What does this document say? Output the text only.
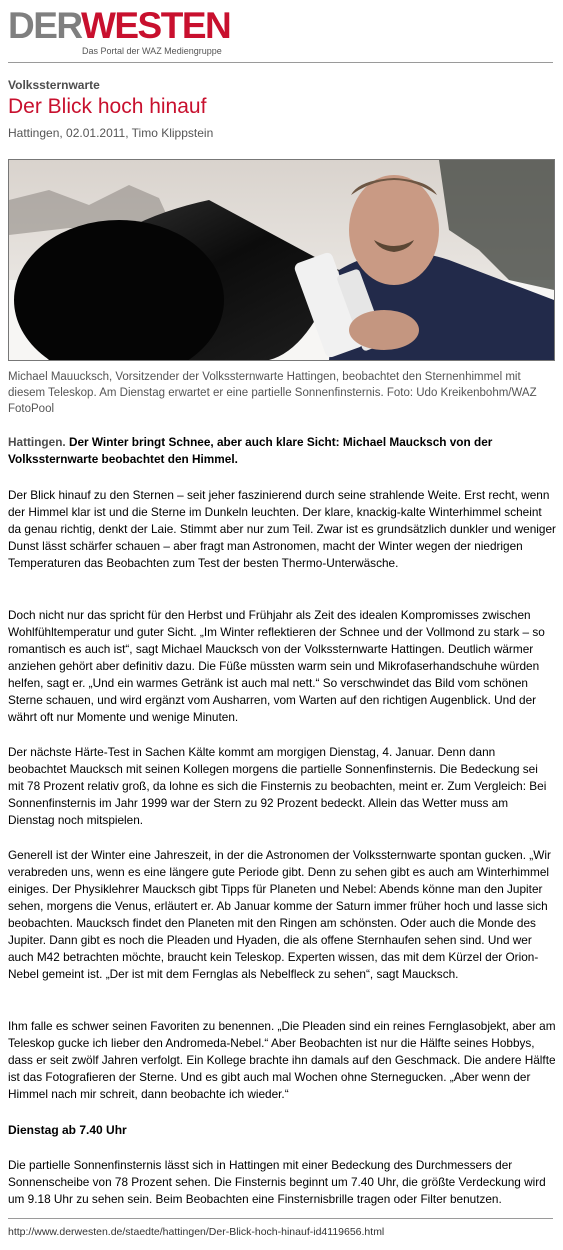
DERWESTEN
Das Portal der WAZ Mediengruppe
Volkssternwarte
Der Blick hoch hinauf
Hattingen, 02.01.2011, Timo Klippstein

Michael Mauucksch, Vorsitzender der Volkssternwarte Hattingen, beobachtet den Sternenhimmel mit diesem Teleskop. Am Dienstag erwartet er eine partielle Sonnenfinsternis. Foto: Udo Kreikenbohm/WAZ FotoPool

Hattingen. Der Winter bringt Schnee, aber auch klare Sicht: Michael Maucksch von der Volkssternwarte beobachtet den Himmel.

Der Blick hinauf zu den Sternen – seit jeher faszinierend durch seine strahlende Weite. Erst recht, wenn der Himmel klar ist und die Sterne im Dunkeln leuchten. Der klare, knackig-kalte Winterhimmel scheint da genau richtig, denkt der Laie. Stimmt aber nur zum Teil. Zwar ist es grundsätzlich dunkler und weniger Dunst lässt schärfer schauen – aber fragt man Astronomen, macht der Winter wegen der niedrigen Temperaturen das Beobachten zum Test der besten Thermo-Unterwäsche.

Doch nicht nur das spricht für den Herbst und Frühjahr als Zeit des idealen Kompromisses zwischen Wohlfühltemperatur und guter Sicht. „Im Winter reflektieren der Schnee und der Vollmond zu stark – so romantisch es auch ist“, sagt Michael Maucksch von der Volkssternwarte Hattingen. Deutlich wärmer anziehen gehört aber definitiv dazu. Die Füße müssten warm sein und Mikrofaserhandschuhe würden helfen, sagt er. „Und ein warmes Getränk ist auch mal nett.“ So verschwindet das Bild vom schönen Sterne schauen, und wird ergänzt vom Ausharren, vom Warten auf den richtigen Augenblick. Und der währt oft nur Momente und wenige Minuten.

Der nächste Härte-Test in Sachen Kälte kommt am morgigen Dienstag, 4. Januar. Denn dann beobachtet Maucksch mit seinen Kollegen morgens die partielle Sonnenfinsternis. Die Bedeckung sei mit 78 Prozent relativ groß, da lohne es sich die Finsternis zu beobachten, meint er. Zum Vergleich: Bei Sonnenfinsternis im Jahr 1999 war der Stern zu 92 Prozent bedeckt. Allein das Wetter muss am Dienstag noch mitspielen.

Generell ist der Winter eine Jahreszeit, in der die Astronomen der Volkssternwarte spontan gucken. „Wir verabreden uns, wenn es eine längere gute Periode gibt. Denn zu sehen gibt es auch am Winterhimmel einiges. Der Physiklehrer Maucksch gibt Tipps für Planeten und Nebel: Abends könne man den Jupiter sehen, morgens die Venus, erläutert er. Ab Januar komme der Saturn immer früher hoch und lasse sich beobachten. Maucksch findet den Planeten mit den Ringen am schönsten. Oder auch die Monde des Jupiter. Dann gibt es noch die Pleaden und Hyaden, die als offene Sternhaufen sehen sind. Und wer auch M42 betrachten möchte, braucht kein Teleskop. Experten wissen, das mit dem Kürzel der Orion-Nebel gemeint ist. „Der ist mit dem Fernglas als Nebelfleck zu sehen“, sagt Maucksch.

Ihm falle es schwer seinen Favoriten zu benennen. „Die Pleaden sind ein reines Fernglasobjekt, aber am Teleskop gucke ich lieber den Andromeda-Nebel.“ Aber Beobachten ist nur die Hälfte seines Hobbys, dass er seit zwölf Jahren verfolgt. Ein Kollege brachte ihn damals auf den Geschmack. Die andere Hälfte ist das Fotografieren der Sterne. Und es gibt auch mal Wochen ohne Sternegucken. „Aber wenn der Himmel nach mir schreit, dann beobachte ich wieder.“

Dienstag ab 7.40 Uhr

Die partielle Sonnenfinsternis lässt sich in Hattingen mit einer Bedeckung des Durchmessers der Sonnenscheibe von 78 Prozent sehen. Die Finsternis beginnt um 7.40 Uhr, die größte Verdeckung wird um 9.18 Uhr zu sehen sein. Beim Beobachten eine Finsternisbrille tragen oder Filter benutzen.

http://www.derwesten.de/staedte/hattingen/Der-Blick-hoch-hinauf-id4119656.html
